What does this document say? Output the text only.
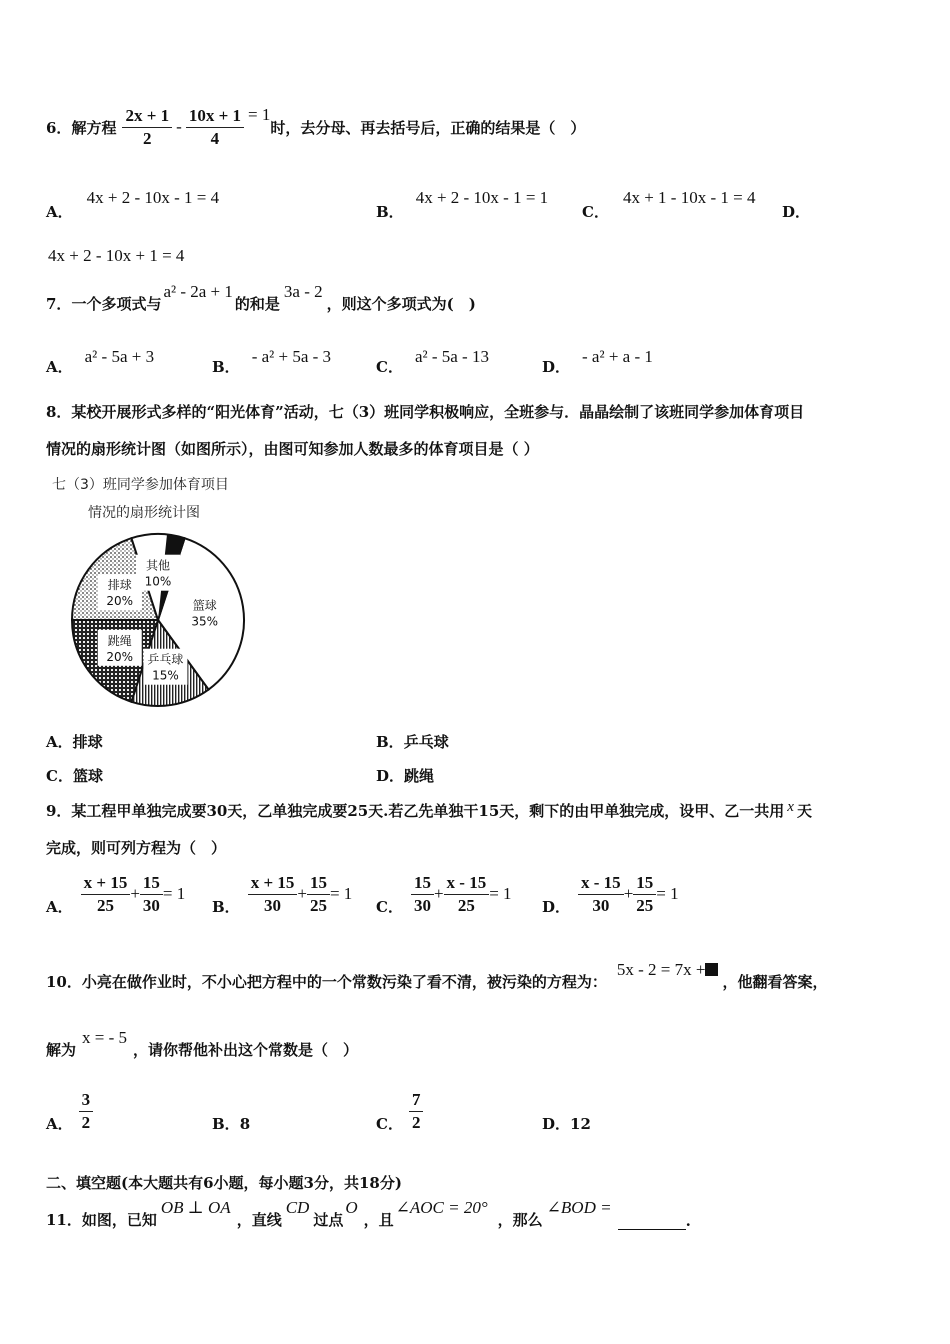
6． 解方程 $\frac{2x + 1}{2} - \frac{10x + 1}{4} = 1$
时，去分母、再去括号后，正确的结果是（　）
A．4x + 2 - 10x - 1 = 4
B．4x + 2 - 10x - 1 = 1
C．4x + 1 - 10x - 1 = 4
D．
4x + 2 - 10x + 1 = 4
7． 一个多项式与
a² - 2a + 1
的和是
3a - 2
，则这个多项式为(　)
A．a² - 5a + 3
B．- a² + 5a - 3
C．a² - 5a - 13
D．- a² + a - 1
8．某校开展形式多样的“阳光体育”活动，七（3）班同学积极响应，全班参与．晶晶绘制了该班同学参加体育项目
情况的扇形统计图（如图所示），由图可知参加人数最多的体育项目是（ ）
七（3）班同学参加体育项目
情况的扇形统计图
篮球
35%
乒乓球
15%
跳绳
20%
排球
20%
其他
10%
A．排球	B．乒乓球
C．篮球	D．跳绳
9．某工程甲单独完成要30天，乙单独完成要25天.若乙先单独干15天，剩下的由甲单独完成，设甲、乙一共用 x 天
完成，则可列方程为（　）
A． $\frac{x + 15}{25} + \frac{15}{30} = 1$
B． $\frac{x + 15}{30} + \frac{15}{25} = 1$
C． $\frac{15}{30} + \frac{x - 15}{25} = 1$
D． $\frac{x - 15}{30} + \frac{15}{25} = 1$
10．小亮在做作业时，不小心把方程中的一个常数污染了看不清，被污染的方程为：
5x - 2 = 7x +
，他翻看答案，
解为
x = - 5
，请你帮他补出这个常数是（　）
A． $\frac{3}{2}$	B．8	C． $\frac{7}{2}$	D．12
二、填空题(本大题共有6小题，每小题3分，共18分)
11．如图，已知
OB ⊥ OA
，直线
CD
过点
O
，且
∠AOC = 20°
，那么
∠BOD =
.
